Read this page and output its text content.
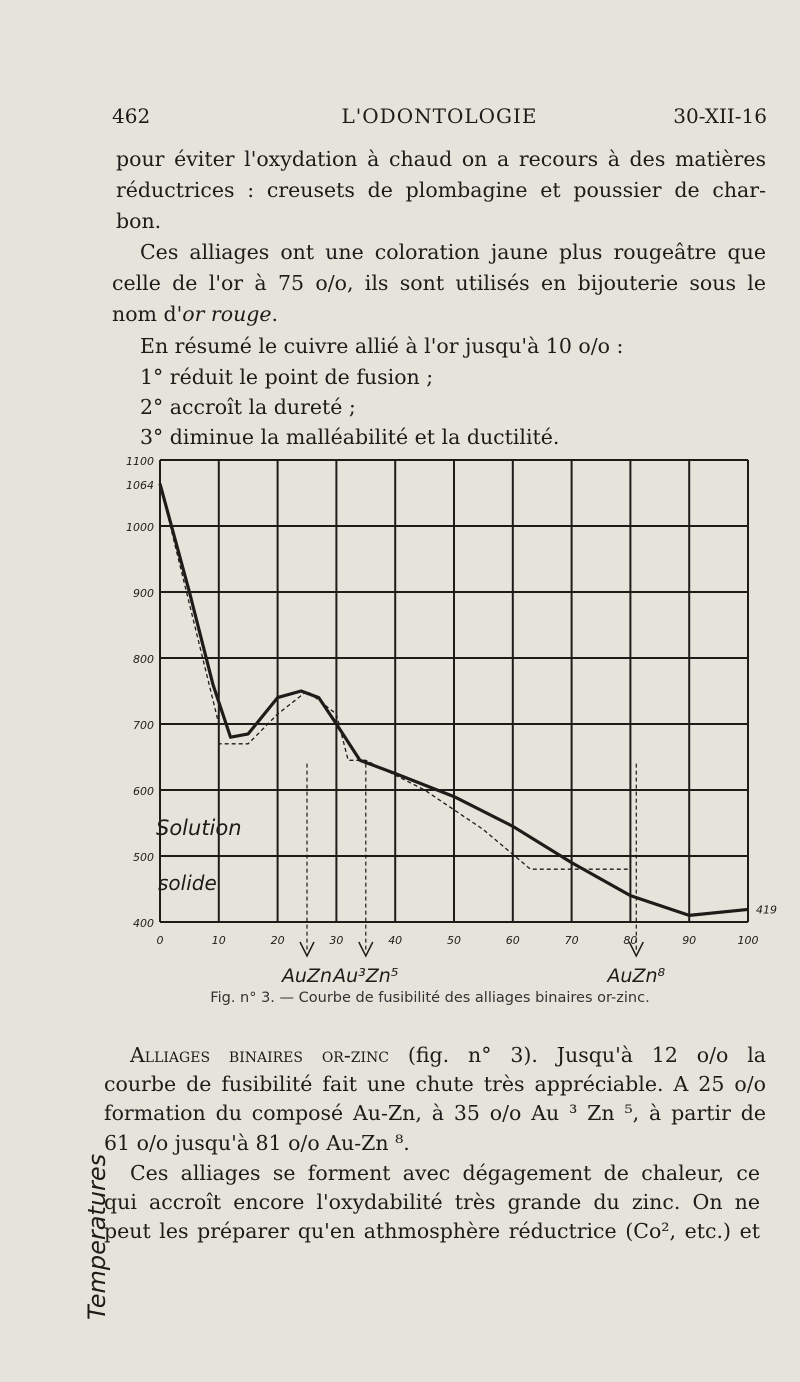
462	L'ODONTOLOGIE	30-XII-16
pour éviter l'oxydation à chaud on a recours à des matières
réductrices : creusets de plombagine et poussier de char-
bon.
Ces alliages ont une coloration jaune plus rougeâtre que
celle de l'or à 75 o/o, ils sont utilisés en bijouterie sous le
nom d'or rouge.
En résumé le cuivre allié à l'or jusqu'à 10 o/o :
1° réduit le point de fusion ;
2° accroît la dureté ;
3° diminue la malléabilité et la ductilité.
1100
1064
1000
900
800
700
600
500
400
0	10	20	30	40	50	60	70	80	90	100
419
AuZn Au³Zn⁵	AuZn⁸
Temperatures
Solution
solide
Fig. n° 3. — Courbe de fusibilité des alliages binaires or-zinc.
Alliages binaires or-zinc (fig. n° 3). Jusqu'à 12 o/o la
courbe de fusibilité fait une chute très appréciable. A 25 o/o
formation du composé Au-Zn, à 35 o/o Au ³ Zn ⁵, à partir de
61 o/o jusqu'à 81 o/o Au-Zn ⁸.
Ces alliages se forment avec dégagement de chaleur, ce
qui accroît encore l'oxydabilité très grande du zinc. On ne
peut les préparer qu'en athmosphère réductrice (Co², etc.) et
